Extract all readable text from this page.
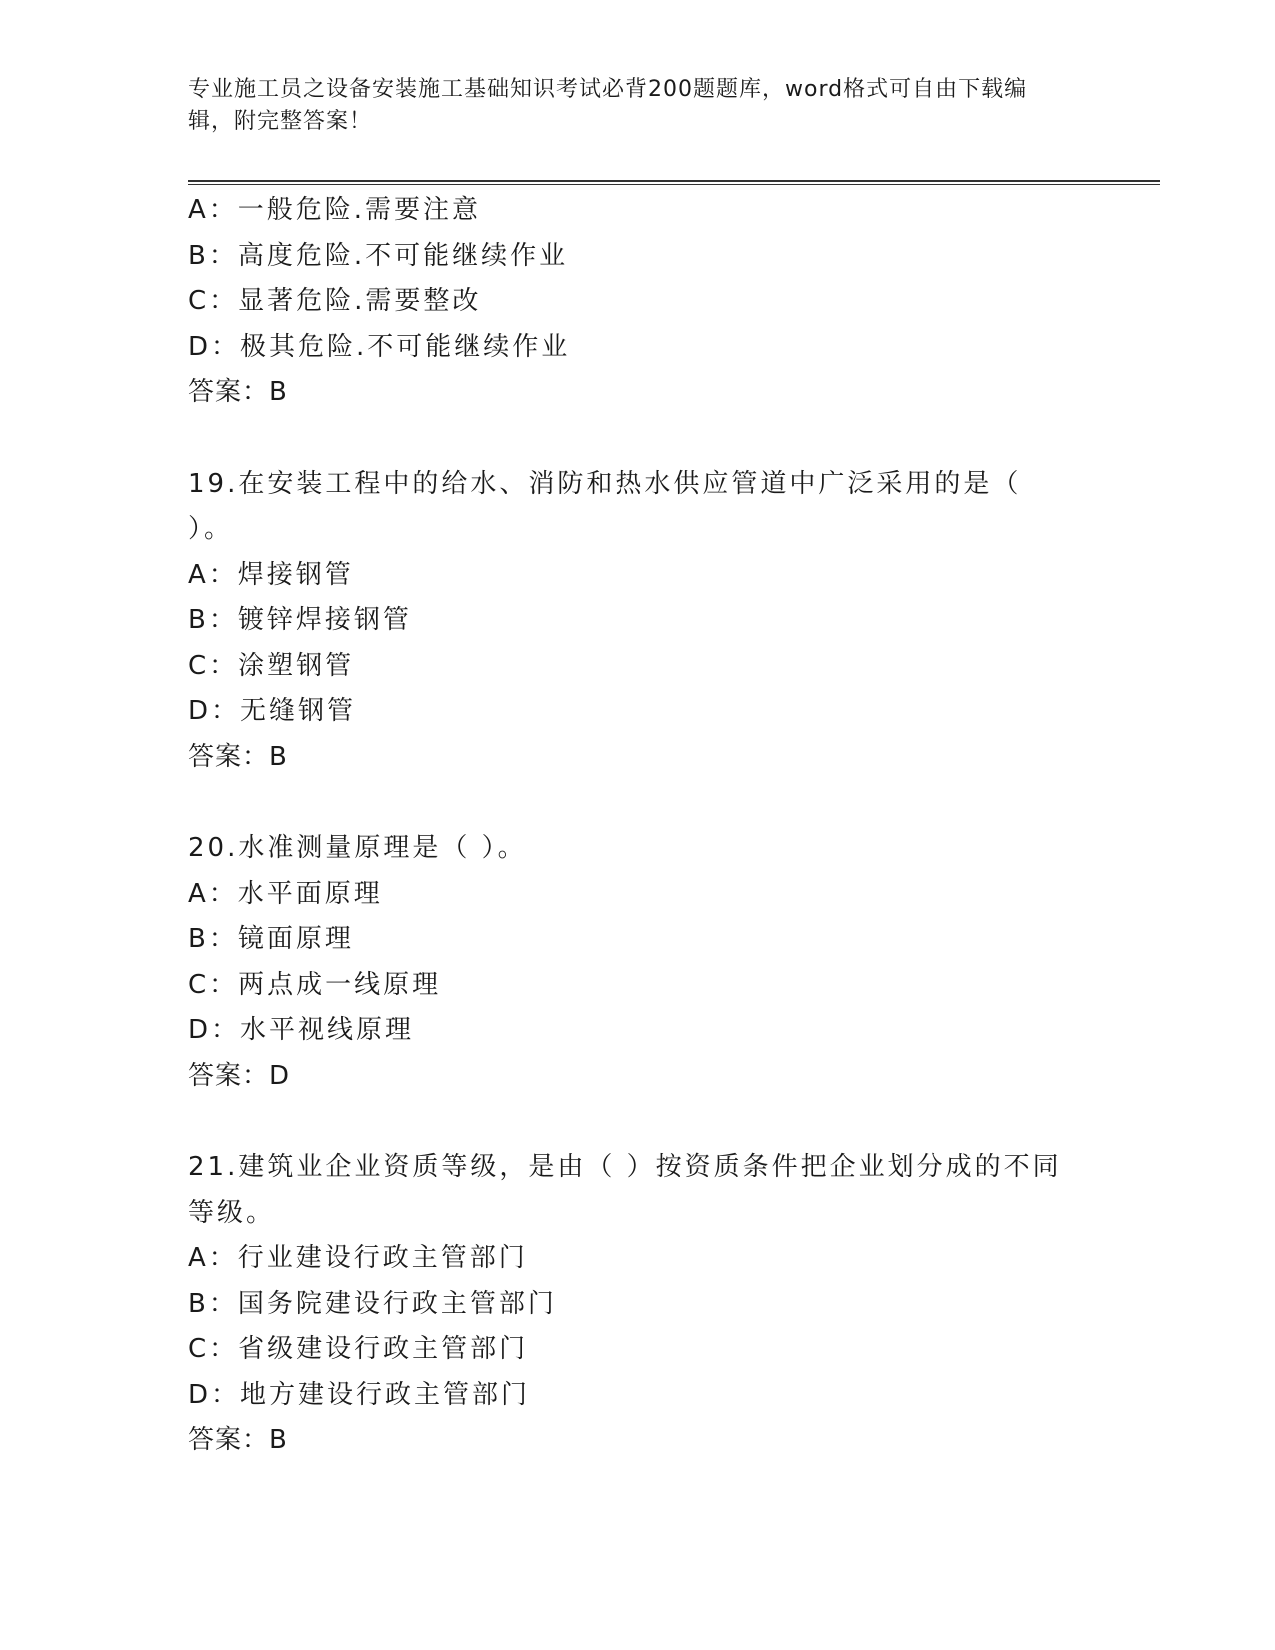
专业施工员之设备安装施工基础知识考试必背200题题库，word格式可自由下载编辑，附完整答案！
A：一般危险.需要注意
B：高度危险.不可能继续作业
C：显著危险.需要整改
D：极其危险.不可能继续作业
答案：B
19.在安装工程中的给水、消防和热水供应管道中广泛采用的是（ ）。
A：焊接钢管
B：镀锌焊接钢管
C：涂塑钢管
D：无缝钢管
答案：B
20.水准测量原理是（ ）。
A：水平面原理
B：镜面原理
C：两点成一线原理
D：水平视线原理
答案：D
21.建筑业企业资质等级，是由（ ）按资质条件把企业划分成的不同等级。
A：行业建设行政主管部门
B：国务院建设行政主管部门
C：省级建设行政主管部门
D：地方建设行政主管部门
答案：B
